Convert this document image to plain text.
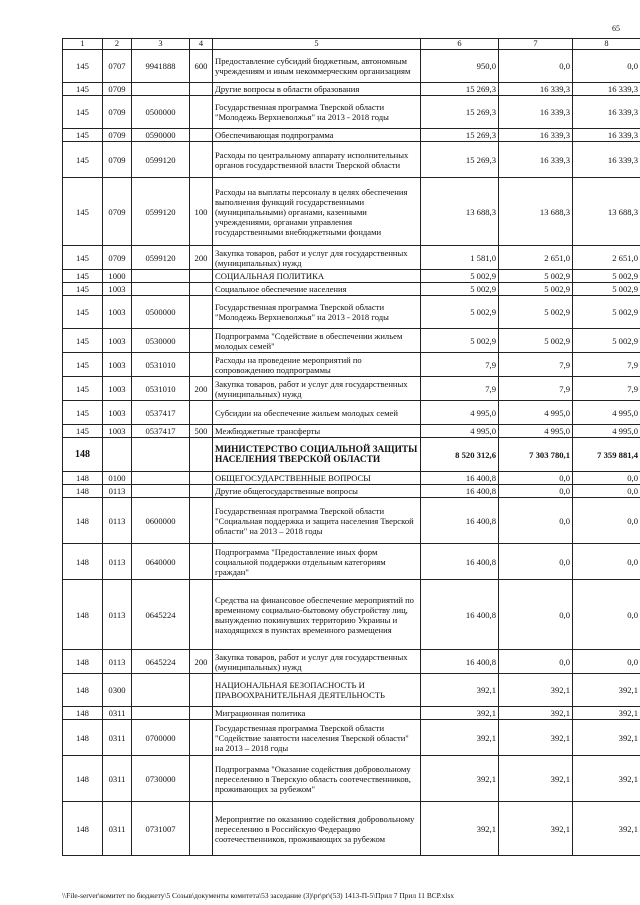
65
1	2	3	4	5	6	7	8
145	0707	9941888	600	Предоставление субсидий бюджетным, автономным учреждениям и иным некоммерческим организациям	950,0	0,0	0,0
145	0709			Другие вопросы в области образования	15 269,3	16 339,3	16 339,3
145	0709	0500000		Государственная программа Тверской области "Молодежь Верхневолжья" на 2013 - 2018 годы	15 269,3	16 339,3	16 339,3
145	0709	0590000		Обеспечивающая подпрограмма	15 269,3	16 339,3	16 339,3
145	0709	0599120		Расходы по центральному аппарату исполнительных органов государственной власти Тверской области	15 269,3	16 339,3	16 339,3
145	0709	0599120	100	Расходы на выплаты персоналу в целях обеспечения выполнения функций государственными (муниципальными) органами, казенными учреждениями, органами управления государственными внебюджетными фондами	13 688,3	13 688,3	13 688,3
145	0709	0599120	200	Закупка товаров, работ и услуг для государственных (муниципальных) нужд	1 581,0	2 651,0	2 651,0
145	1000			СОЦИАЛЬНАЯ ПОЛИТИКА	5 002,9	5 002,9	5 002,9
145	1003			Социальное обеспечение населения	5 002,9	5 002,9	5 002,9
145	1003	0500000		Государственная программа Тверской области "Молодежь Верхневолжья" на 2013 - 2018 годы	5 002,9	5 002,9	5 002,9
145	1003	0530000		Подпрограмма "Содействие в обеспечении жильем молодых семей"	5 002,9	5 002,9	5 002,9
145	1003	0531010		Расходы на проведение мероприятий по сопровождению подпрограммы	7,9	7,9	7,9
145	1003	0531010	200	Закупка товаров, работ и услуг для государственных (муниципальных) нужд	7,9	7,9	7,9
145	1003	0537417		Субсидии на обеспечение жильем молодых семей	4 995,0	4 995,0	4 995,0
145	1003	0537417	500	Межбюджетные трансферты	4 995,0	4 995,0	4 995,0
148				МИНИСТЕРСТВО СОЦИАЛЬНОЙ ЗАЩИТЫ НАСЕЛЕНИЯ ТВЕРСКОЙ ОБЛАСТИ	8 520 312,6	7 303 780,1	7 359 881,4
148	0100			ОБЩЕГОСУДАРСТВЕННЫЕ ВОПРОСЫ	16 400,8	0,0	0,0
148	0113			Другие общегосударственные вопросы	16 400,8	0,0	0,0
148	0113	0600000		Государственная программа Тверской области "Социальная поддержка и защита населения Тверской области" на 2013 – 2018 годы	16 400,8	0,0	0,0
148	0113	0640000		Подпрограмма "Предоставление иных форм социальной поддержки отдельным категориям граждан"	16 400,8	0,0	0,0
148	0113	0645224		Средства на финансовое обеспечение мероприятий по временному социально-бытовому обустройству лиц, вынужденно покинувших территорию Украины и находящихся в пунктах временного размещения	16 400,8	0,0	0,0
148	0113	0645224	200	Закупка товаров, работ и услуг для государственных (муниципальных) нужд	16 400,8	0,0	0,0
148	0300			НАЦИОНАЛЬНАЯ БЕЗОПАСНОСТЬ И ПРАВООХРАНИТЕЛЬНАЯ ДЕЯТЕЛЬНОСТЬ	392,1	392,1	392,1
148	0311			Миграционная политика	392,1	392,1	392,1
148	0311	0700000		Государственная программа Тверской области "Содействие занятости населения Тверской области" на 2013 – 2018 годы	392,1	392,1	392,1
148	0311	0730000		Подпрограмма "Оказание содействия добровольному переселению в Тверскую область соотечественников, проживающих за рубежом"	392,1	392,1	392,1
148	0311	0731007		Мероприятие по оказанию содействия добровольному переселению в Российскую Федерацию соотечественников, проживающих за рубежом	392,1	392,1	392,1
\\File-server\комитет по бюджету\5 Созыв\документы комитета\53 заседание (3)\pr\pr\(53) 1413-П-5\Прил 7 Прил 11 ВСР.xlsx
